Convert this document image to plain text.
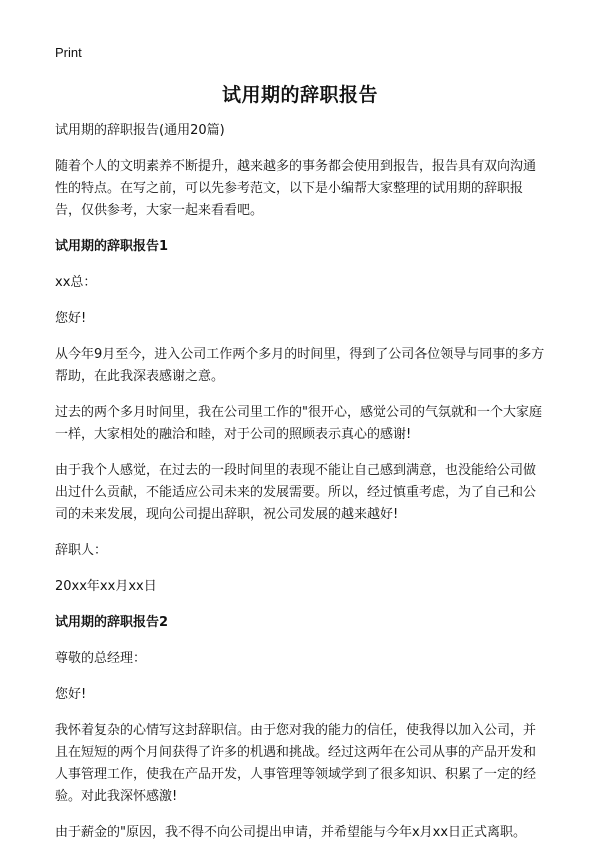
Print
试用期的辞职报告
试用期的辞职报告(通用20篇)
随着个人的文明素养不断提升，越来越多的事务都会使用到报告，报告具有双向沟通性的特点。在写之前，可以先参考范文，以下是小编帮大家整理的试用期的辞职报告，仅供参考，大家一起来看看吧。
试用期的辞职报告1
xx总：
您好!
从今年9月至今，进入公司工作两个多月的时间里，得到了公司各位领导与同事的多方帮助，在此我深表感谢之意。
过去的两个多月时间里，我在公司里工作的"很开心，感觉公司的气氛就和一个大家庭一样，大家相处的融洽和睦，对于公司的照顾表示真心的感谢!
由于我个人感觉，在过去的一段时间里的表现不能让自己感到满意，也没能给公司做出过什么贡献，不能适应公司未来的发展需要。所以，经过慎重考虑，为了自己和公司的未来发展，现向公司提出辞职，祝公司发展的越来越好!
辞职人：
20xx年xx月xx日
试用期的辞职报告2
尊敬的总经理：
您好!
我怀着复杂的心情写这封辞职信。由于您对我的能力的信任，使我得以加入公司，并且在短短的两个月间获得了许多的机遇和挑战。经过这两年在公司从事的产品开发和人事管理工作，使我在产品开发，人事管理等领域学到了很多知识、积累了一定的经验。对此我深怀感激!
由于薪金的"原因，我不得不向公司提出申请，并希望能与今年x月xx日正式离职。
